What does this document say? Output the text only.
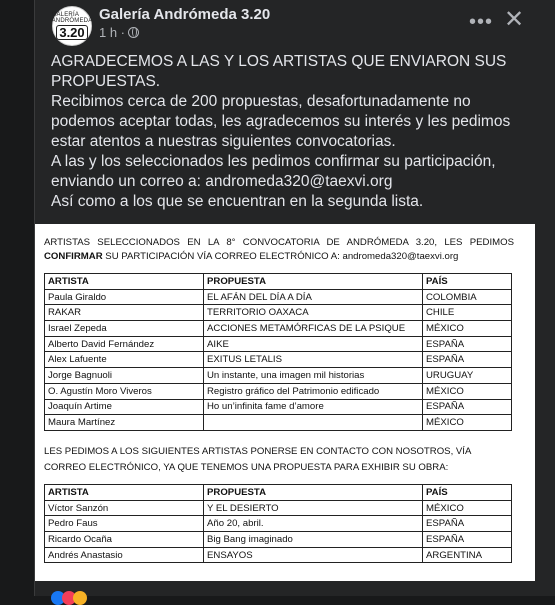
GALERÍA ANDRÓMEDA
3.20
Galería Andrómeda 3.20
1 h ·	••• ✕

AGRADECEMOS A LAS Y LOS ARTISTAS QUE ENVIARON SUS PROPUESTAS.

Recibimos cerca de 200 propuestas, desafortunadamente no podemos aceptar todas, les agradecemos su interés y les pedimos estar atentos a nuestras siguientes convocatorias.

A las y los seleccionados les pedimos confirmar su participación, enviando un correo a: andromeda320@taexvi.org

Así como a los que se encuentran en la segunda lista.

ARTISTAS SELECCIONADOS EN LA 8° CONVOCATORIA DE ANDRÓMEDA 3.20, LES PEDIMOS CONFIRMAR SU PARTICIPACIÓN VÍA CORREO ELECTRÓNICO A: andromeda320@taexvi.org
ARTISTA	PROPUESTA	PAÍS
Paula Giraldo	EL AFÁN DEL DÍA A DÍA	COLOMBIA
RAKAR	TERRITORIO OAXACA	CHILE
Israel Zepeda	ACCIONES METAMÓRFICAS DE LA PSIQUE	MÉXICO
Alberto David Fernández	AIKE	ESPAÑA
Alex Lafuente	EXITUS LETALIS	ESPAÑA
Jorge Bagnuoli	Un instante, una imagen mil historias	URUGUAY
O. Agustín Moro Viveros	Registro gráfico del Patrimonio edificado	MÉXICO
Joaquín Artime	Ho un’infinita fame d’amore	ESPAÑA
Maura Martínez		MÉXICO
LES PEDIMOS A LOS SIGUIENTES ARTISTAS PONERSE EN CONTACTO CON NOSOTROS, VÍA CORREO ELECTRÓNICO, YA QUE TENEMOS UNA PROPUESTA PARA EXHIBIR SU OBRA:
ARTISTA	PROPUESTA	PAÍS
Víctor Sanzón	Y EL DESIERTO	MÉXICO
Pedro Faus	Año 20, abril.	ESPAÑA
Ricardo Ocaña	Big Bang imaginado	ESPAÑA
Andrés Anastasio	ENSAYOS	ARGENTINA
